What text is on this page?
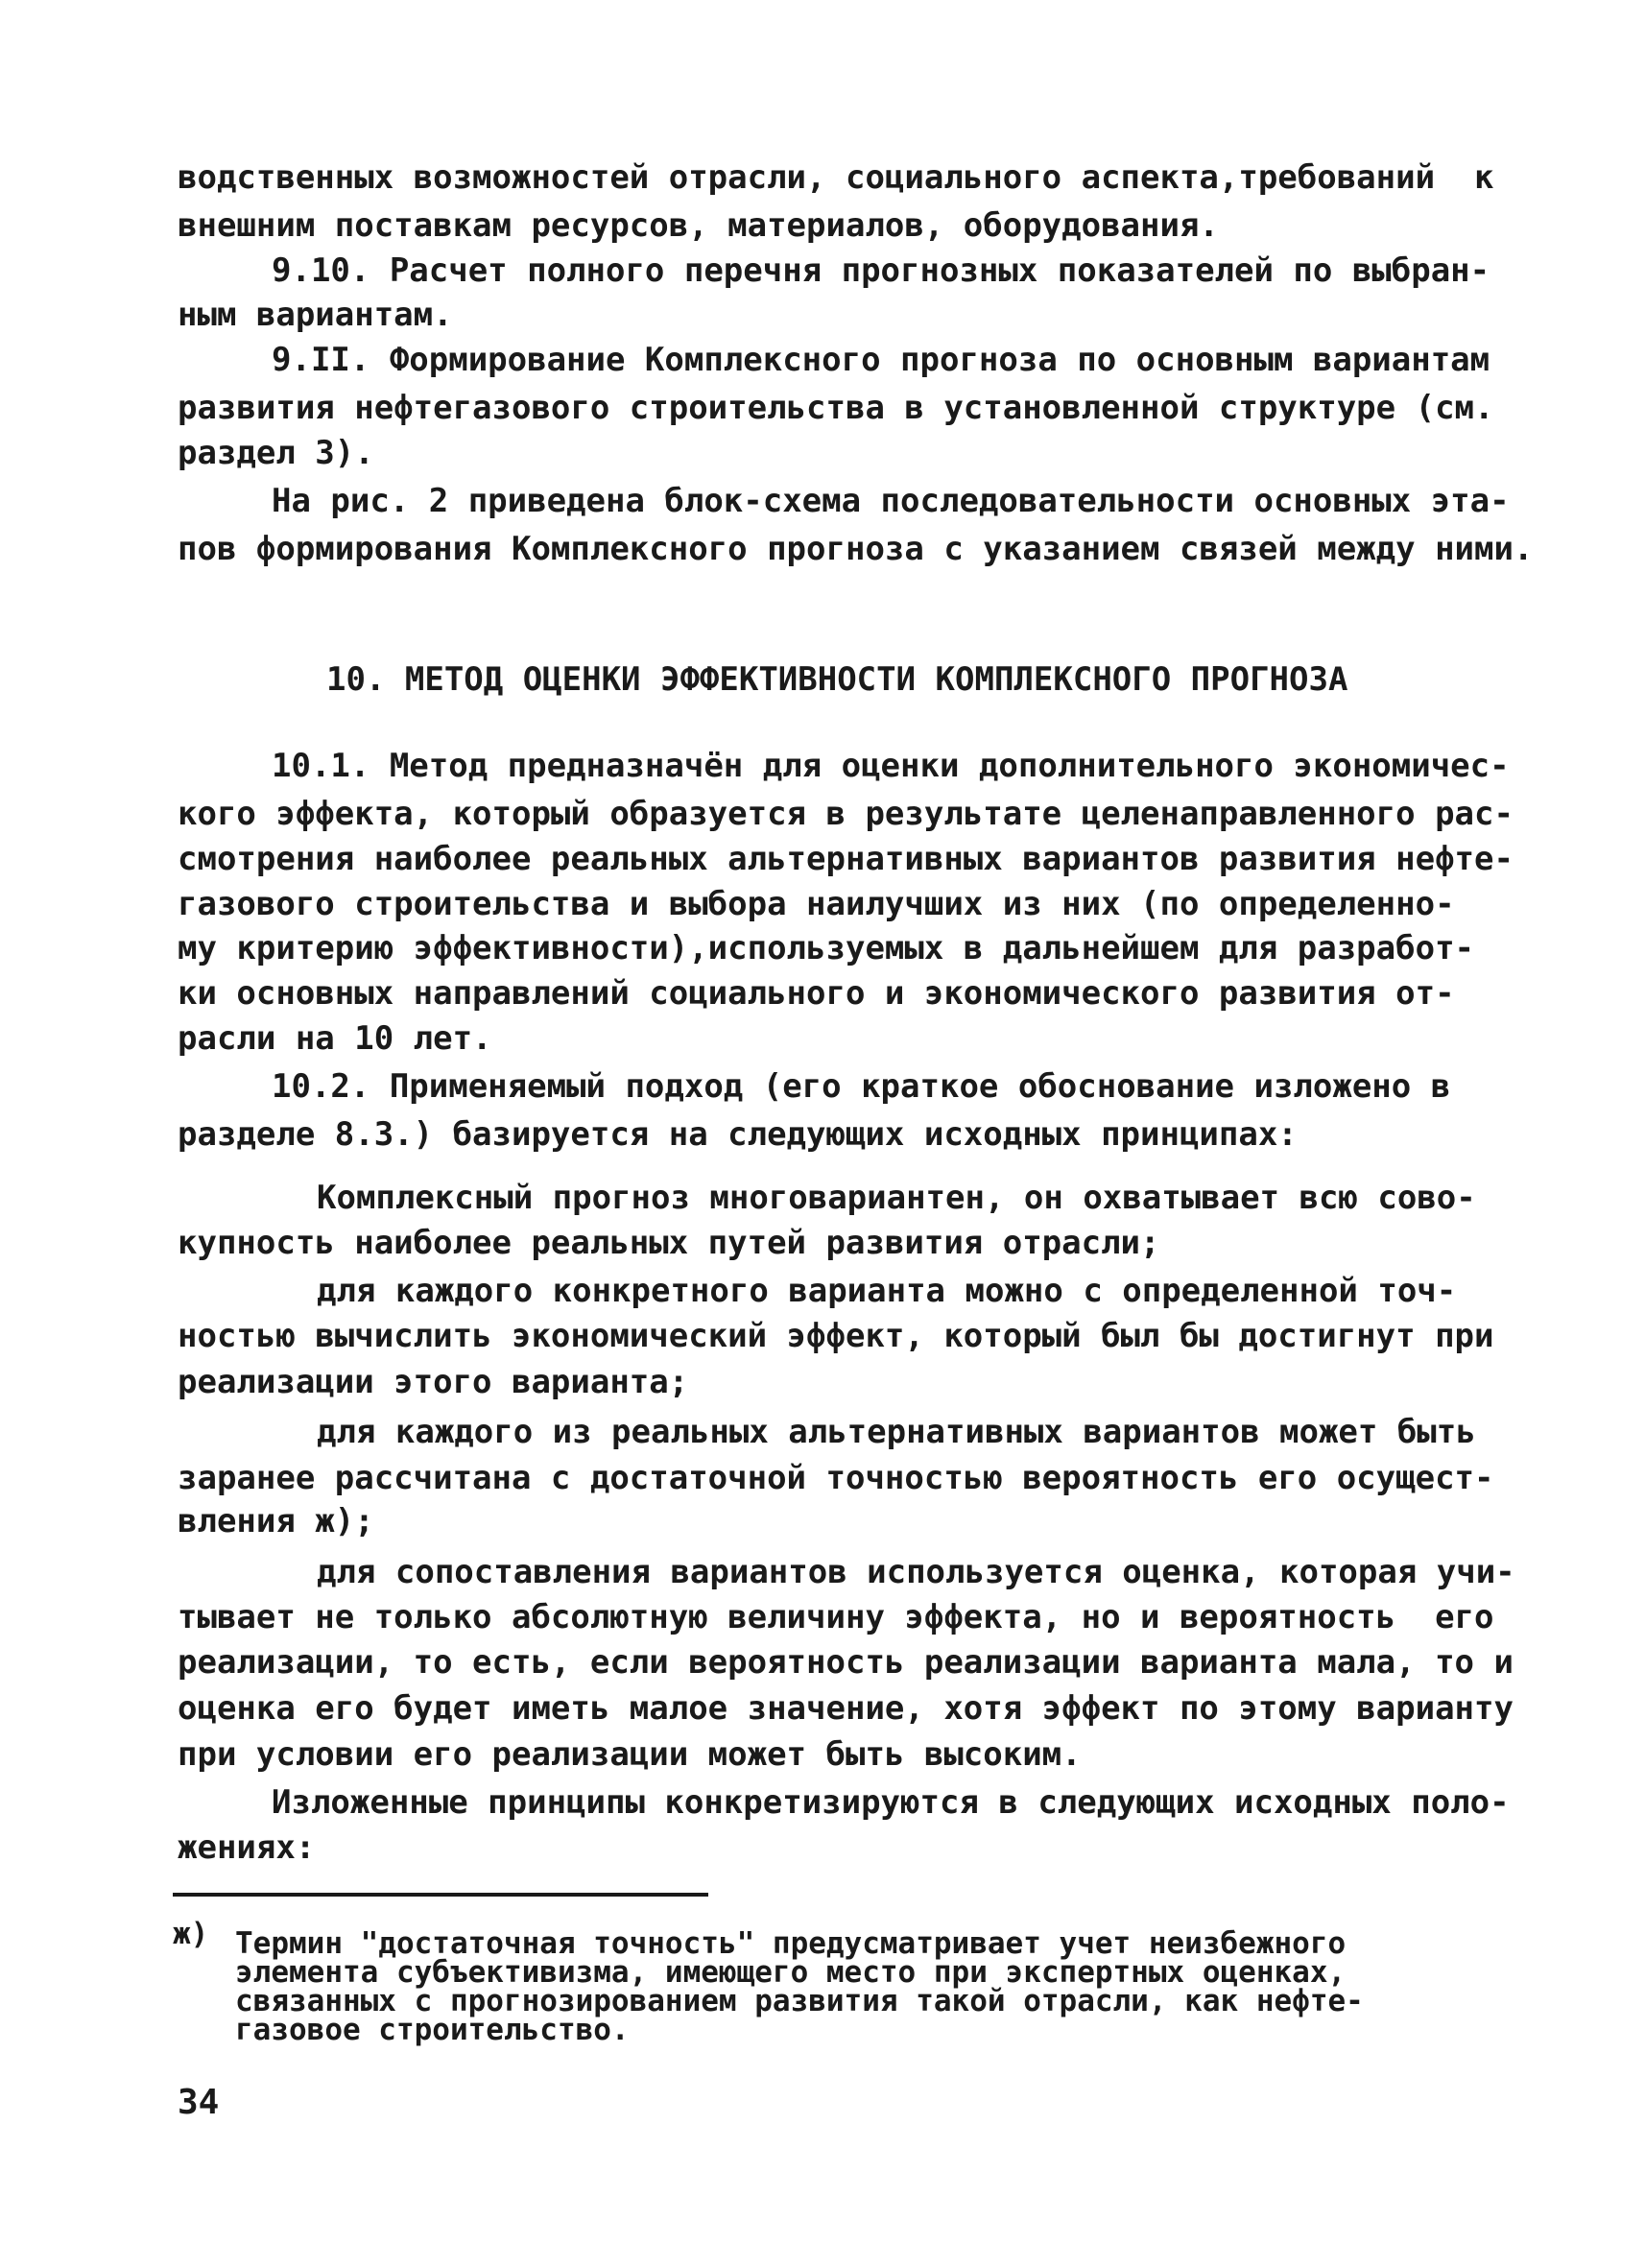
водственных возможностей отрасли, социального аспекта,требований  к
внешним поставкам ресурсов, материалов, оборудования.
9.10. Расчет полного перечня прогнозных показателей по выбран-
ным вариантам.
9.II. Формирование Комплексного прогноза по основным вариантам
развития нефтегазового строительства в установленной структуре (см.
раздел 3).
На рис. 2 приведена блок-схема последовательности основных эта-
пов формирования Комплексного прогноза с указанием связей между ними.
10. МЕТОД ОЦЕНКИ ЭФФЕКТИВНОСТИ КОМПЛЕКСНОГО ПРОГНОЗА
10.1. Метод предназначён для оценки дополнительного экономичес-
кого эффекта, который образуется в результате целенаправленного рас-
смотрения наиболее реальных альтернативных вариантов развития нефте-
газового строительства и выбора наилучших из них (по определенно-
му критерию эффективности),используемых в дальнейшем для разработ-
ки основных направлений социального и экономического развития от-
расли на 10 лет.
10.2. Применяемый подход (его краткое обоснование изложено в
разделе 8.3.) базируется на следующих исходных принципах:
Комплексный прогноз многовариантен, он охватывает всю сово-
купность наиболее реальных путей развития отрасли;
для каждого конкретного варианта можно с определенной точ-
ностью вычислить экономический эффект, который был бы достигнут при
реализации этого варианта;
для каждого из реальных альтернативных вариантов может быть
заранее рассчитана с достаточной точностью вероятность его осущест-
вления ж);
для сопоставления вариантов используется оценка, которая учи-
тывает не только абсолютную величину эффекта, но и вероятность  его
реализации, то есть, если вероятность реализации варианта мала, то и
оценка его будет иметь малое значение, хотя эффект по этому варианту
при условии его реализации может быть высоким.
Изложенные принципы конкретизируются в следующих исходных поло-
жениях:
ж) Термин "достаточная точность" предусматривает учет неизбежного
элемента субъективизма, имеющего место при экспертных оценках,
связанных с прогнозированием развития такой отрасли, как нефте-
газовое строительство.
34
